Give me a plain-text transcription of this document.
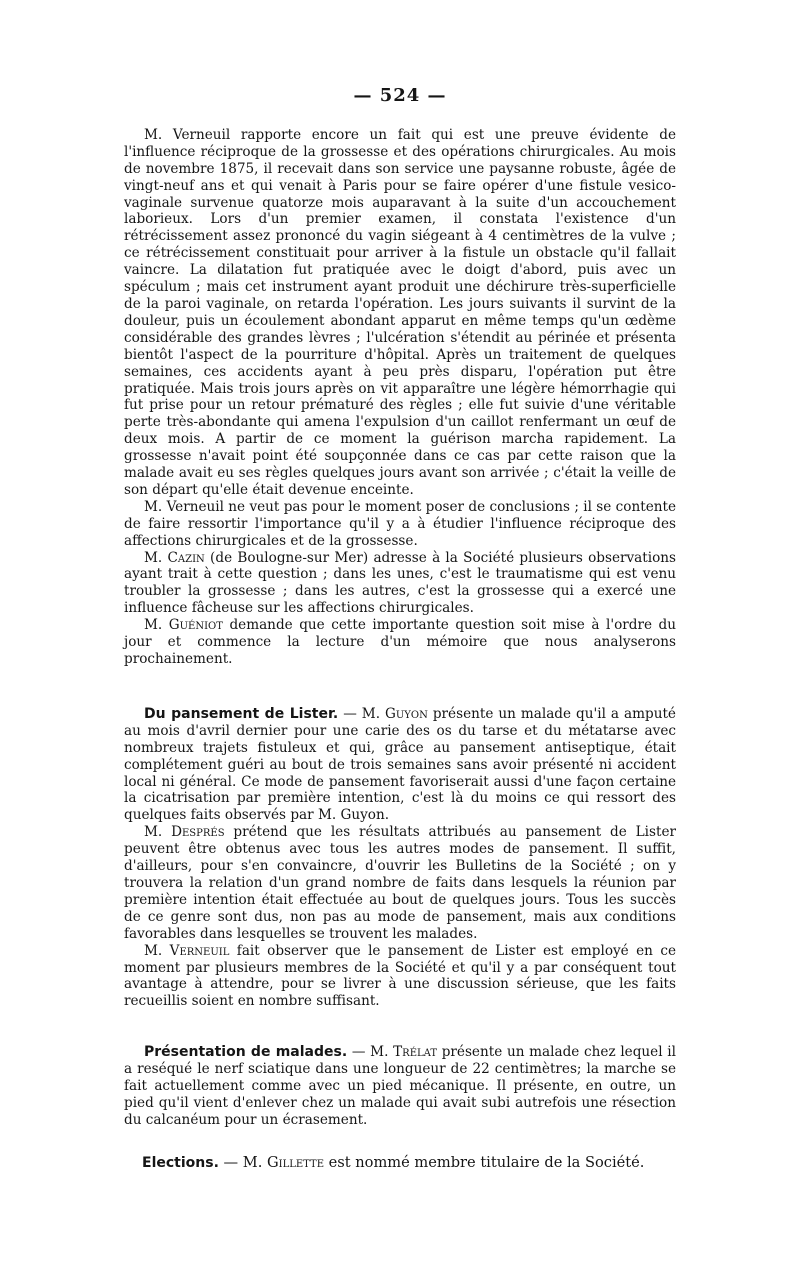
— 524 —

M. Verneuil rapporte encore un fait qui est une preuve évidente de l'influence réciproque de la grossesse et des opérations chirurgicales. Au mois de novembre 1875, il recevait dans son service une paysanne robuste, âgée de vingt-neuf ans et qui venait à Paris pour se faire opérer d'une fistule vesico-vaginale survenue quatorze mois auparavant à la suite d'un accouchement laborieux. Lors d'un premier examen, il constata l'existence d'un rétrécissement assez prononcé du vagin siégeant à 4 centimètres de la vulve ; ce rétrécissement constituait pour arriver à la fistule un obstacle qu'il fallait vaincre. La dilatation fut pratiquée avec le doigt d'abord, puis avec un spéculum ; mais cet instrument ayant produit une déchirure très-superficielle de la paroi vaginale, on retarda l'opération. Les jours suivants il survint de la douleur, puis un écoulement abondant apparut en même temps qu'un œdème considérable des grandes lèvres ; l'ulcération s'étendit au périnée et présenta bientôt l'aspect de la pourriture d'hôpital. Après un traitement de quelques semaines, ces accidents ayant à peu près disparu, l'opération put être pratiquée. Mais trois jours après on vit apparaître une légère hémorrhagie qui fut prise pour un retour prématuré des règles ; elle fut suivie d'une véritable perte très-abondante qui amena l'expulsion d'un caillot renfermant un œuf de deux mois. A partir de ce moment la guérison marcha rapidement. La grossesse n'avait point été soupçonnée dans ce cas par cette raison que la malade avait eu ses règles quelques jours avant son arrivée ; c'était la veille de son départ qu'elle était devenue enceinte.

M. Verneuil ne veut pas pour le moment poser de conclusions ; il se contente de faire ressortir l'importance qu'il y a à étudier l'influence réciproque des affections chirurgicales et de la grossesse.

M. Cazin (de Boulogne-sur Mer) adresse à la Société plusieurs observations ayant trait à cette question ; dans les unes, c'est le traumatisme qui est venu troubler la grossesse ; dans les autres, c'est la grossesse qui a exercé une influence fâcheuse sur les affections chirurgicales.

M. Guéniot demande que cette importante question soit mise à l'ordre du jour et commence la lecture d'un mémoire que nous analyserons prochainement.

Du pansement de Lister. — M. Guyon présente un malade qu'il a amputé au mois d'avril dernier pour une carie des os du tarse et du métatarse avec nombreux trajets fistuleux et qui, grâce au pansement antiseptique, était complétement guéri au bout de trois semaines sans avoir présenté ni accident local ni général. Ce mode de pansement favoriserait aussi d'une façon certaine la cicatrisation par première intention, c'est là du moins ce qui ressort des quelques faits observés par M. Guyon.

M. Després prétend que les résultats attribués au pansement de Lister peuvent être obtenus avec tous les autres modes de pansement. Il suffit, d'ailleurs, pour s'en convaincre, d'ouvrir les Bulletins de la Société ; on y trouvera la relation d'un grand nombre de faits dans lesquels la réunion par première intention était effectuée au bout de quelques jours. Tous les succès de ce genre sont dus, non pas au mode de pansement, mais aux conditions favorables dans lesquelles se trouvent les malades.

M. Verneuil fait observer que le pansement de Lister est employé en ce moment par plusieurs membres de la Société et qu'il y a par conséquent tout avantage à attendre, pour se livrer à une discussion sérieuse, que les faits recueillis soient en nombre suffisant.

Présentation de malades. — M. Trélat présente un malade chez lequel il a reséqué le nerf sciatique dans une longueur de 22 centimètres; la marche se fait actuellement comme avec un pied mécanique. Il présente, en outre, un pied qu'il vient d'enlever chez un malade qui avait subi autrefois une résection du calcanéum pour un écrasement.

Elections. — M. Gillette est nommé membre titulaire de la Société.
